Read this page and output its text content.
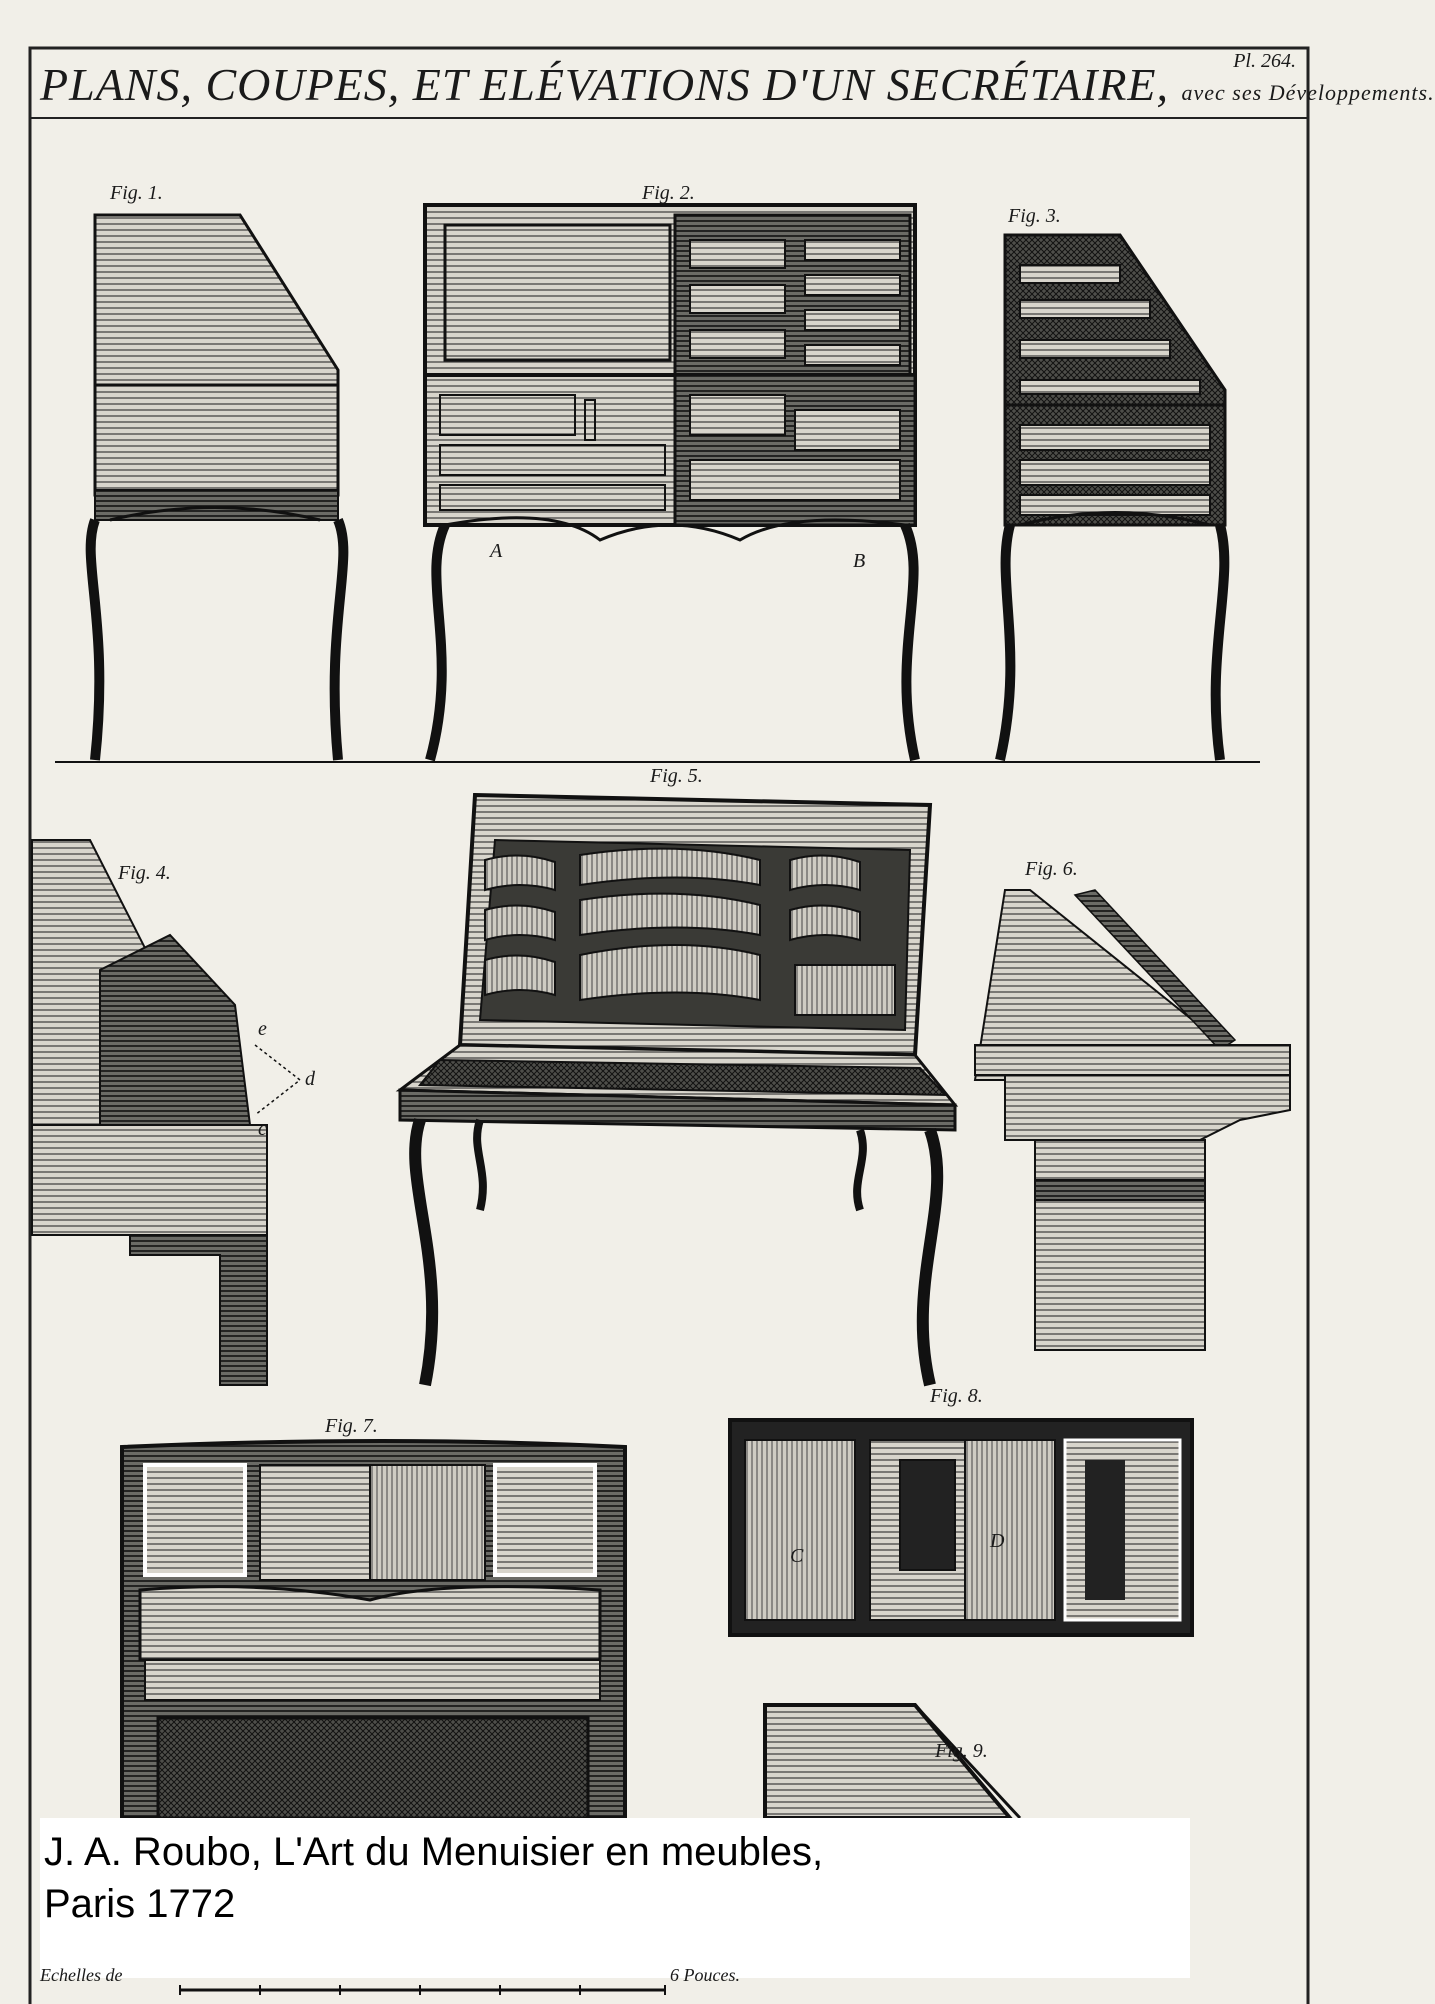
PLANS, COUPES, ET ELÉVATIONS D'UN SECRÉTAIRE, avec ses Développements.
Pl. 264.
Fig. 1.	Fig. 2.
Fig. 3.
Fig. 4.
Fig. 5.
Fig. 6.
Fig. 7.
Fig. 8.
Fig. 9.
A	B
d
e
c
C
D
J. A. Roubo, L'Art du Menuisier en meubles,
Paris 1772
Echelles de	6 Pouces.
